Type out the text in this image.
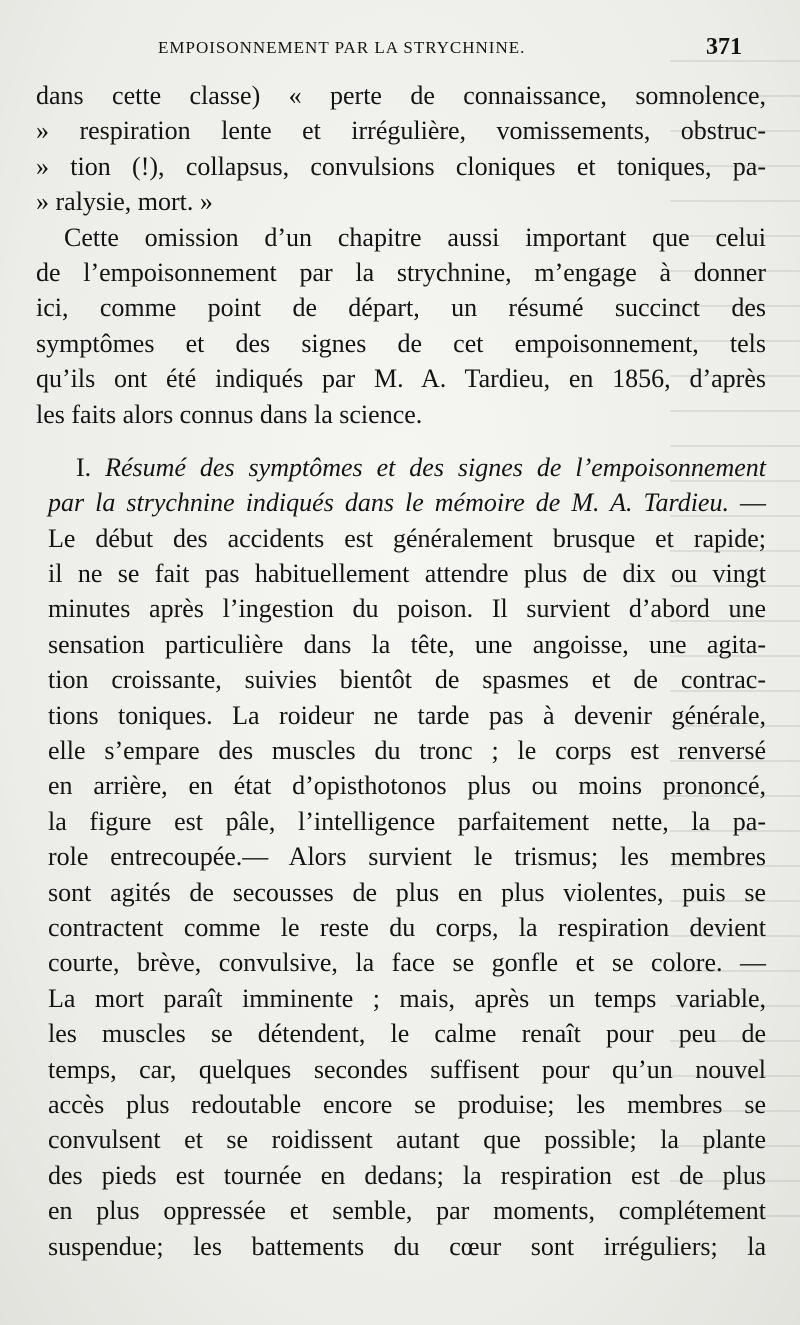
EMPOISONNEMENT PAR LA STRYCHNINE.	371
dans cette classe) « perte de connaissance, somnolence,
» respiration lente et irrégulière, vomissements, obstruc-
» tion (!), collapsus, convulsions cloniques et toniques, pa-
» ralysie, mort. »
Cette omission d’un chapitre aussi important que celui
de l’empoisonnement par la strychnine, m’engage à donner
ici, comme point de départ, un résumé succinct des
symptômes et des signes de cet empoisonnement, tels
qu’ils ont été indiqués par M. A. Tardieu, en 1856, d’après
les faits alors connus dans la science.
I. Résumé des symptômes et des signes de l’empoisonnement
par la strychnine indiqués dans le mémoire de M. A. Tardieu. —
Le début des accidents est généralement brusque et rapide;
il ne se fait pas habituellement attendre plus de dix ou vingt
minutes après l’ingestion du poison. Il survient d’abord une
sensation particulière dans la tête, une angoisse, une agita-
tion croissante, suivies bientôt de spasmes et de contrac-
tions toniques. La roideur ne tarde pas à devenir générale,
elle s’empare des muscles du tronc ; le corps est renversé
en arrière, en état d’opisthotonos plus ou moins prononcé,
la figure est pâle, l’intelligence parfaitement nette, la pa-
role entrecoupée.— Alors survient le trismus; les membres
sont agités de secousses de plus en plus violentes, puis se
contractent comme le reste du corps, la respiration devient
courte, brève, convulsive, la face se gonfle et se colore. —
La mort paraît imminente ; mais, après un temps variable,
les muscles se détendent, le calme renaît pour peu de
temps, car, quelques secondes suffisent pour qu’un nouvel
accès plus redoutable encore se produise; les membres se
convulsent et se roidissent autant que possible; la plante
des pieds est tournée en dedans; la respiration est de plus
en plus oppressée et semble, par moments, complétement
suspendue; les battements du cœur sont irréguliers; la
